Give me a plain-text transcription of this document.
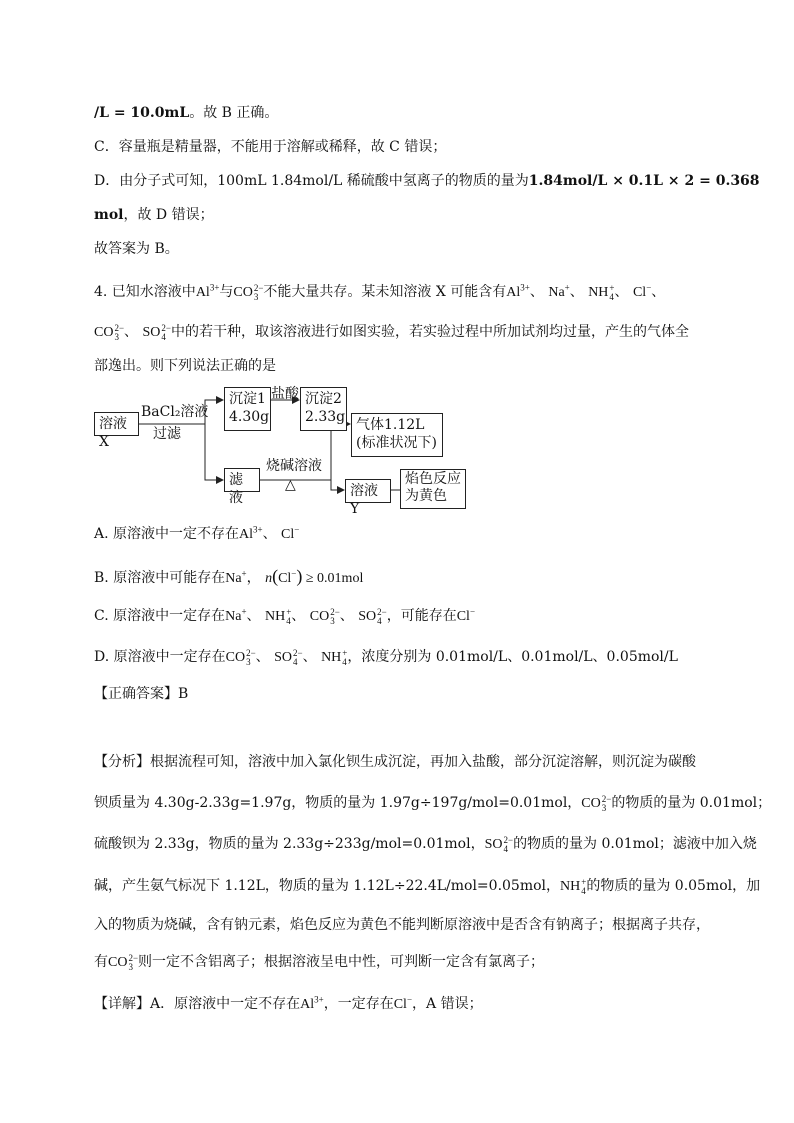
/L = 10.0mL。故 B 正确。
C．容量瓶是精量器，不能用于溶解或稀释，故 C 错误；
D．由分子式可知，100mL 1.84mol/L 稀硫酸中氢离子的物质的量为1.84mol/L × 0.1L × 2 = 0.368
mol，故 D 错误；
故答案为 B。
4. 已知水溶液中$Al^{3+}$与CO 2−
3 不能大量共存。某未知溶液 X 可能含有$Al^{3+}$、 Na+、 NH +
4 、 Cl−、
CO 2−
3 、 SO 2−
4 中的若干种，取该溶液进行如图实验，若实验过程中所加试剂均过量，产生的气体全
部逸出。则下列说法正确的是
溶液X
BaCl₂溶液
过滤
沉淀1
4.30g
盐酸 沉淀2
2.33g
滤液
烧碱溶液
△
气体1.12L
(标准状况下)
溶液Y
焰色反应
为黄色
A. 原溶液中一定不存在$Al^{3+}$、 Cl−
B. 原溶液中可能存在Na+， n(Cl−) ≥ 0.01mol
C. 原溶液中一定存在Na+、 NH +
4 、 CO 2−
3 、 SO 2−
4 ，可能存在Cl−
D. 原溶液中一定存在CO 2−
3 、 SO 2−
4 、 NH +
4 ，浓度分别为 0.01mol/L、0.01mol/L、0.05mol/L
【正确答案】B
【分析】根据流程可知，溶液中加入氯化钡生成沉淀，再加入盐酸，部分沉淀溶解，则沉淀为碳酸
钡质量为 4.30g-2.33g=1.97g，物质的量为 1.97g÷197g/mol=0.01mol，CO 2−
3 的物质的量为 0.01mol；
硫酸钡为 2.33g，物质的量为 2.33g÷233g/mol=0.01mol，SO 2−
4 的物质的量为 0.01mol；滤液中加入烧
碱，产生氨气标况下 1.12L，物质的量为 1.12L÷22.4L/mol=0.05mol，NH +
4 的物质的量为 0.05mol，加
入的物质为烧碱，含有钠元素，焰色反应为黄色不能判断原溶液中是否含有钠离子；根据离子共存，
有CO 2−
3 则一定不含铝离子；根据溶液呈电中性，可判断一定含有氯离子；
【详解】A．原溶液中一定不存在$Al^{3+}$，一定存在Cl−，A 错误；
